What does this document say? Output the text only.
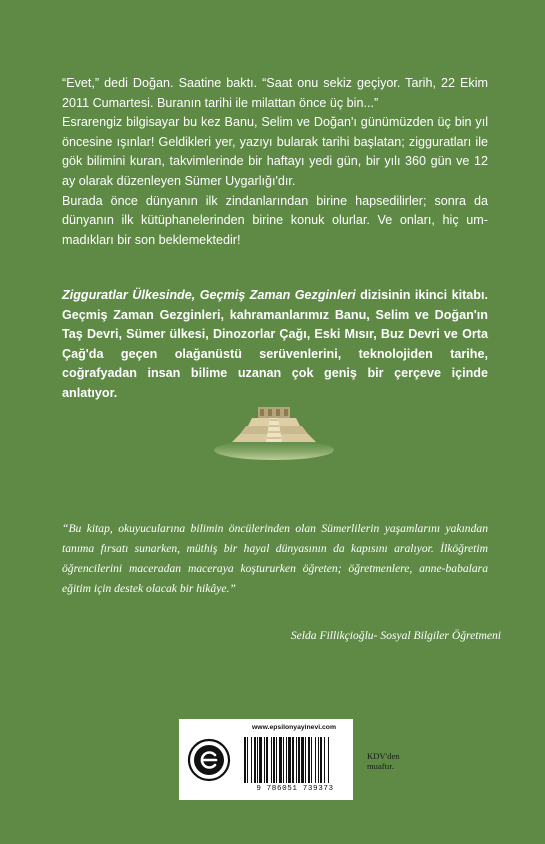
“Evet,” dedi Doğan. Saatine baktı. “Saat onu sekiz geçiyor. Tarih, 22 Ekim 2011 Cumartesi. Buranın tarihi ile milattan önce üç bin...”
Esrarengiz bilgisayar bu kez Banu, Selim ve Doğan'ı günümüzden üç bin yıl öncesine ışınlar! Geldikleri yer, yazıyı bularak tarihi başlatan; zigguratları ile gök bilimini kuran, takvimlerinde bir haftayı yedi gün, bir yılı 360 gün ve 12 ay olarak düzenleyen Sümer Uygarlığı'dır.
Burada önce dünyanın ilk zindanlarından birine hapsedilirler; sonra da dünyanın ilk kütüphanelerinden birine konuk olurlar. Ve onları, hiç ummadıkları bir son beklemektedir!
Zigguratlar Ülkesinde, Geçmiş Zaman Gezginleri dizisinin ikinci kitabı. Geçmiş Zaman Gezginleri, kahramanlarımız Banu, Selim ve Doğan'ın Taş Devri, Sümer ülkesi, Dinozorlar Çağı, Eski Mısır, Buz Devri ve Orta Çağ'da geçen olağanüstü serüvenlerini, teknolojiden tarihe, coğrafyadan insan bilime uzanan çok geniş bir çerçeve içinde anlatıyor.

“Bu kitap, okuyucularına bilimin öncülerinden olan Sümerlilerin yaşamlarını yakından tanıma fırsatı sunarken, müthiş bir hayal dünyasının da kapısını aralıyor. İlköğretim öğrencilerini maceradan maceraya koştururken öğreten; öğretmenlere, anne-babalara eğitim için destek olacak bir hikâye.”

Selda Fillikçioğlu- Sosyal Bilgiler Öğretmeni
www.epsilonyayinevi.com
9 786051 739373
KDV'den
muaftır.
